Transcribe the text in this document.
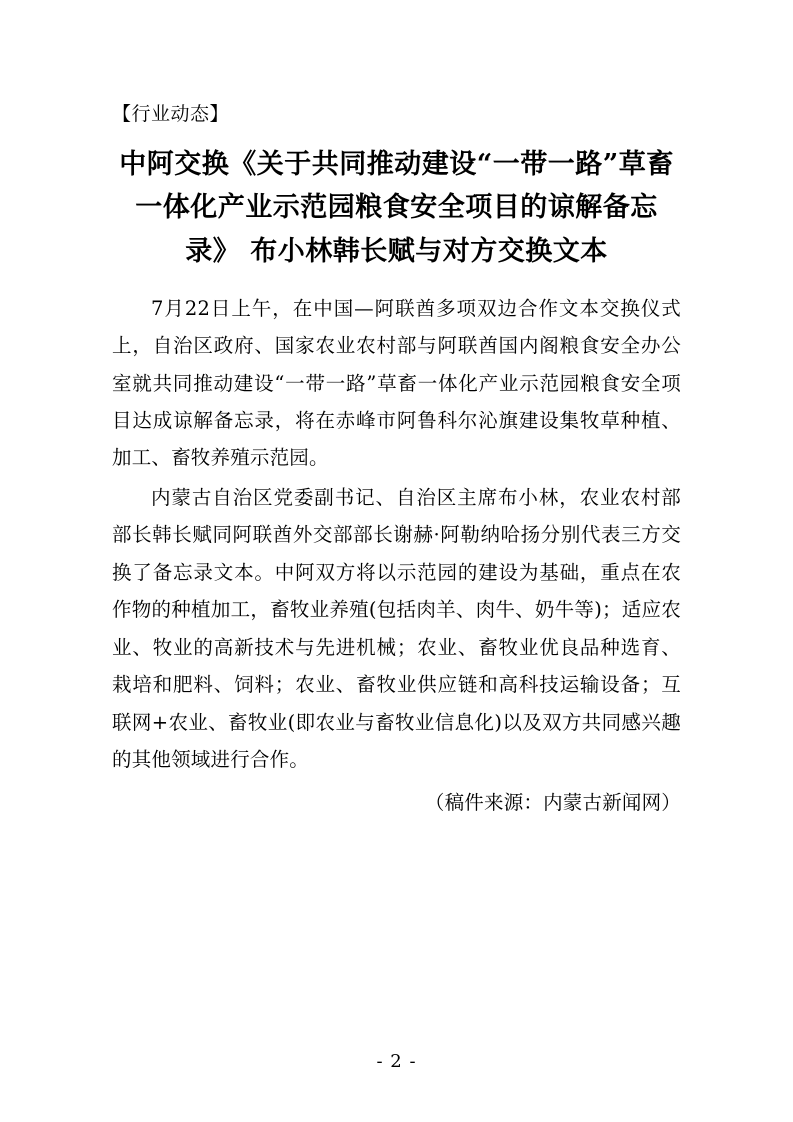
【行业动态】

中阿交换《关于共同推动建设“一带一路”草畜一体化产业示范园粮食安全项目的谅解备忘录》 布小林韩长赋与对方交换文本

7月22日上午，在中国—阿联酋多项双边合作文本交换仪式上，自治区政府、国家农业农村部与阿联酋国内阁粮食安全办公室就共同推动建设“一带一路”草畜一体化产业示范园粮食安全项目达成谅解备忘录，将在赤峰市阿鲁科尔沁旗建设集牧草种植、加工、畜牧养殖示范园。

内蒙古自治区党委副书记、自治区主席布小林，农业农村部部长韩长赋同阿联酋外交部部长谢赫·阿勒纳哈扬分别代表三方交换了备忘录文本。中阿双方将以示范园的建设为基础，重点在农作物的种植加工，畜牧业养殖(包括肉羊、肉牛、奶牛等)；适应农业、牧业的高新技术与先进机械；农业、畜牧业优良品种选育、栽培和肥料、饲料；农业、畜牧业供应链和高科技运输设备；互联网+农业、畜牧业(即农业与畜牧业信息化)以及双方共同感兴趣的其他领域进行合作。

（稿件来源：内蒙古新闻网）

- 2 -
